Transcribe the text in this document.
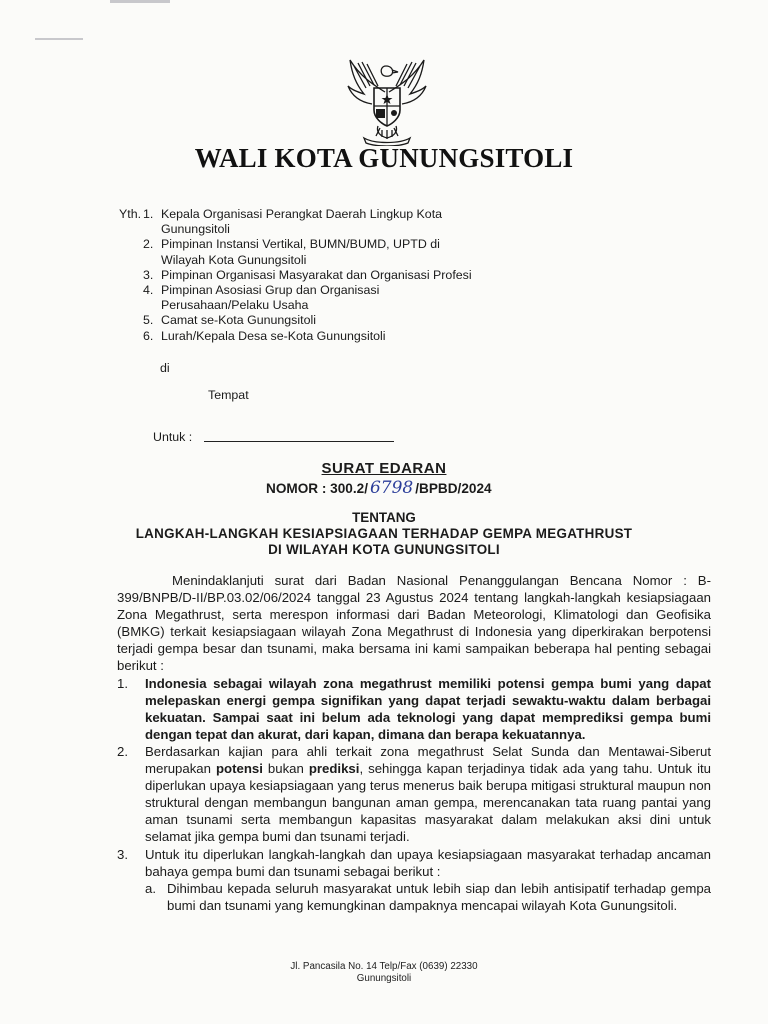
WALI KOTA GUNUNGSITOLI
Yth. 1. Kepala Organisasi Perangkat Daerah Lingkup Kota Gunungsitoli
2. Pimpinan Instansi Vertikal, BUMN/BUMD, UPTD di Wilayah Kota Gunungsitoli
3. Pimpinan Organisasi Masyarakat dan Organisasi Profesi
4. Pimpinan Asosiasi Grup dan Organisasi Perusahaan/Pelaku Usaha
5. Camat se-Kota Gunungsitoli
6. Lurah/Kepala Desa se-Kota Gunungsitoli
di
Tempat
Untuk :
SURAT EDARAN
NOMOR : 300.2/ 6798 /BPBD/2024
TENTANG
LANGKAH-LANGKAH KESIAPSIAGAAN TERHADAP GEMPA MEGATHRUST
DI WILAYAH KOTA GUNUNGSITOLI

Menindaklanjuti surat dari Badan Nasional Penanggulangan Bencana Nomor : B-399/BNPB/D-II/BP.03.02/06/2024 tanggal 23 Agustus 2024 tentang langkah-langkah kesiapsiagaan Zona Megathrust, serta merespon informasi dari Badan Meteorologi, Klimatologi dan Geofisika (BMKG) terkait kesiapsiagaan wilayah Zona Megathrust di Indonesia yang diperkirakan berpotensi terjadi gempa besar dan tsunami, maka bersama ini kami sampaikan beberapa hal penting sebagai berikut :

1. Indonesia sebagai wilayah zona megathrust memiliki potensi gempa bumi yang dapat melepaskan energi gempa signifikan yang dapat terjadi sewaktu-waktu dalam berbagai kekuatan. Sampai saat ini belum ada teknologi yang dapat memprediksi gempa bumi dengan tepat dan akurat, dari kapan, dimana dan berapa kekuatannya.
2. Berdasarkan kajian para ahli terkait zona megathrust Selat Sunda dan Mentawai-Siberut merupakan potensi bukan prediksi, sehingga kapan terjadinya tidak ada yang tahu. Untuk itu diperlukan upaya kesiapsiagaan yang terus menerus baik berupa mitigasi struktural maupun non struktural dengan membangun bangunan aman gempa, merencanakan tata ruang pantai yang aman tsunami serta membangun kapasitas masyarakat dalam melakukan aksi dini untuk selamat jika gempa bumi dan tsunami terjadi.
3. Untuk itu diperlukan langkah-langkah dan upaya kesiapsiagaan masyarakat terhadap ancaman bahaya gempa bumi dan tsunami sebagai berikut :
a. Dihimbau kepada seluruh masyarakat untuk lebih siap dan lebih antisipatif terhadap gempa bumi dan tsunami yang kemungkinan dampaknya mencapai wilayah Kota Gunungsitoli.
Jl. Pancasila No. 14 Telp/Fax (0639) 22330
Gunungsitoli
